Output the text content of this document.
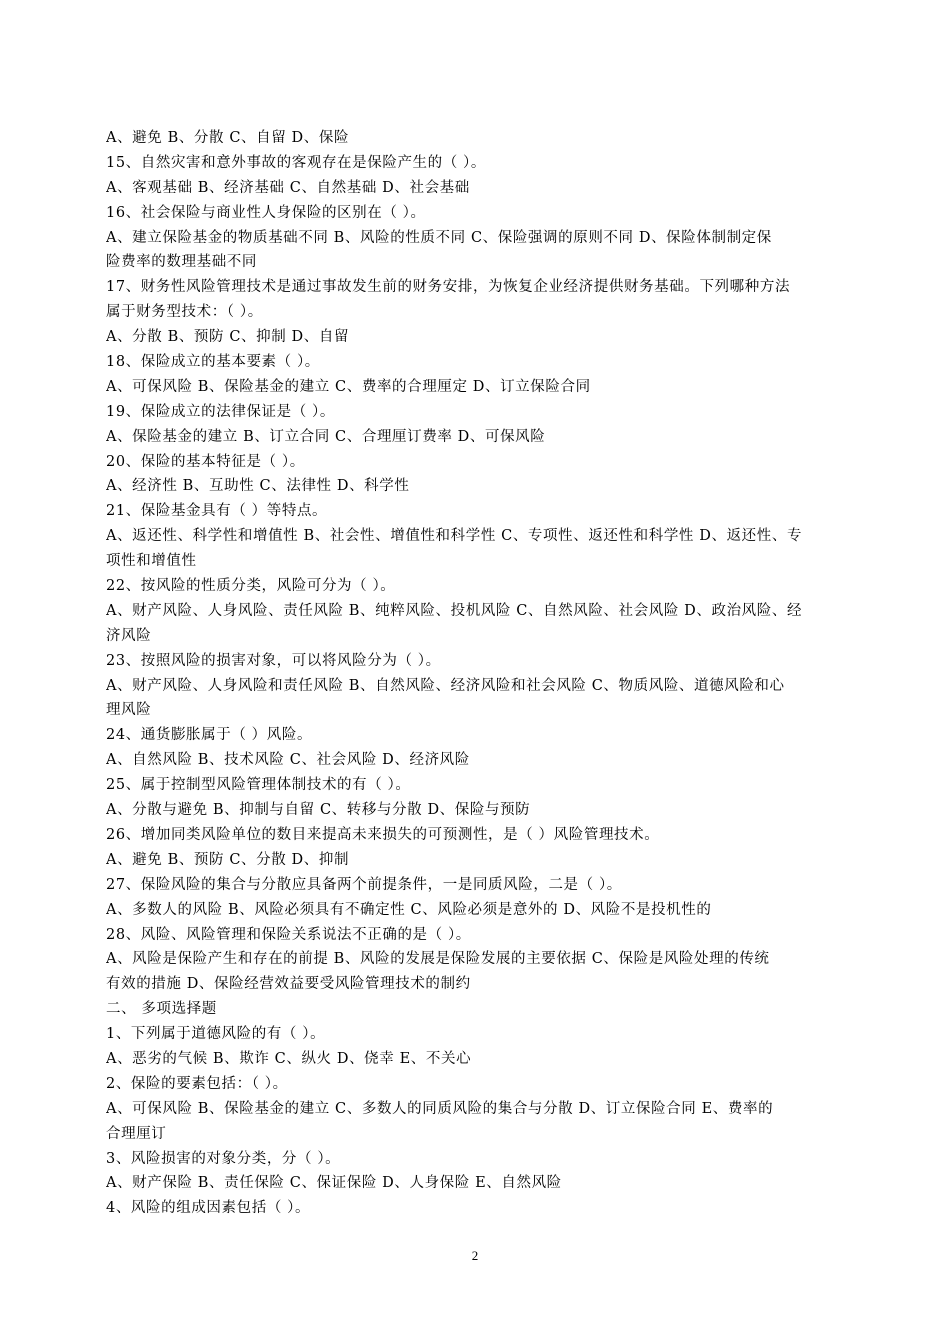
A、避免 B、分散 C、自留 D、保险

15、自然灾害和意外事故的客观存在是保险产生的（ ）。

A、客观基础 B、经济基础 C、自然基础 D、社会基础

16、社会保险与商业性人身保险的区别在（ ）。

A、建立保险基金的物质基础不同 B、风险的性质不同 C、保险强调的原则不同 D、保险体制制定保

险费率的数理基础不同

17、财务性风险管理技术是通过事故发生前的财务安排，为恢复企业经济提供财务基础。下列哪种方法

属于财务型技术：（ ）。

A、分散 B、预防 C、抑制 D、自留

18、保险成立的基本要素（ ）。

A、可保风险 B、保险基金的建立 C、费率的合理厘定 D、订立保险合同

19、保险成立的法律保证是（ ）。

A、保险基金的建立 B、订立合同 C、合理厘订费率 D、可保风险

20、保险的基本特征是（ ）。

A、经济性 B、互助性 C、法律性 D、科学性

21、保险基金具有（ ）等特点。

A、返还性、科学性和增值性 B、社会性、增值性和科学性 C、专项性、返还性和科学性 D、返还性、专

项性和增值性

22、按风险的性质分类，风险可分为（ ）。

A、财产风险、人身风险、责任风险 B、纯粹风险、投机风险 C、自然风险、社会风险 D、政治风险、经

济风险

23、按照风险的损害对象，可以将风险分为（ ）。

A、财产风险、人身风险和责任风险 B、自然风险、经济风险和社会风险 C、物质风险、道德风险和心

理风险

24、通货膨胀属于（ ）风险。

A、自然风险 B、技术风险 C、社会风险 D、经济风险

25、属于控制型风险管理体制技术的有（ ）。

A、分散与避免 B、抑制与自留 C、转移与分散 D、保险与预防

26、增加同类风险单位的数目来提高未来损失的可预测性，是（ ）风险管理技术。

A、避免 B、预防 C、分散 D、抑制

27、保险风险的集合与分散应具备两个前提条件，一是同质风险，二是（ ）。

A、多数人的风险 B、风险必须具有不确定性 C、风险必须是意外的 D、风险不是投机性的

28、风险、风险管理和保险关系说法不正确的是（ ）。

A、风险是保险产生和存在的前提 B、风险的发展是保险发展的主要依据 C、保险是风险处理的传统

有效的措施 D、保险经营效益要受风险管理技术的制约

二、 多项选择题

1、下列属于道德风险的有（ ）。

A、恶劣的气候 B、欺诈 C、纵火 D、侥幸 E、不关心

2、保险的要素包括：（ ）。

A、可保风险 B、保险基金的建立 C、多数人的同质风险的集合与分散 D、订立保险合同 E、费率的

合理厘订

3、风险损害的对象分类，分（ ）。

A、财产保险 B、责任保险 C、保证保险 D、人身保险 E、自然风险

4、风险的组成因素包括（ ）。

2
